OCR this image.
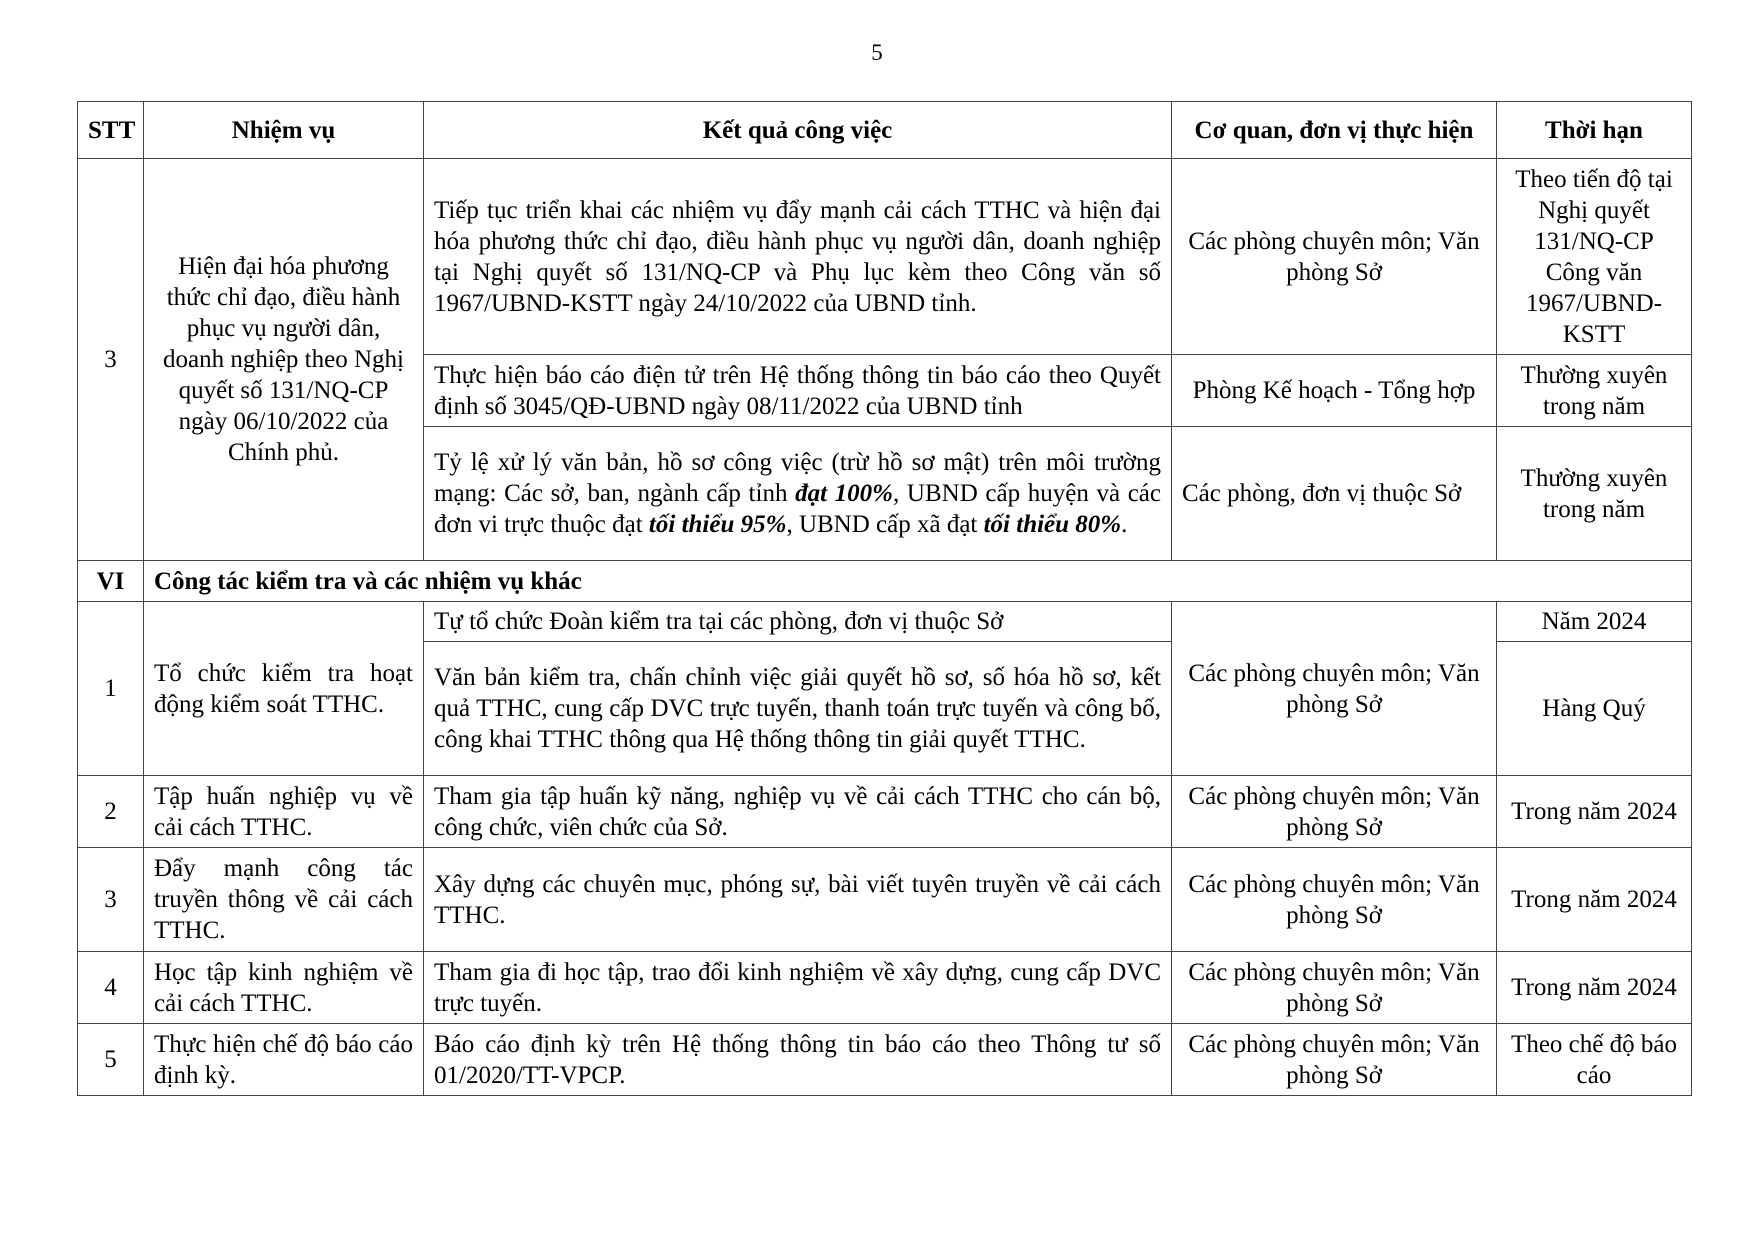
5
STT	Nhiệm vụ	Kết quả công việc	Cơ quan, đơn vị thực hiện	Thời hạn
3	Hiện đại hóa phương thức chỉ đạo, điều hành phục vụ người dân, doanh nghiệp theo Nghị quyết số 131/NQ-CP ngày 06/10/2022 của Chính phủ.	Tiếp tục triển khai các nhiệm vụ đẩy mạnh cải cách TTHC và hiện đại hóa phương thức chỉ đạo, điều hành phục vụ người dân, doanh nghiệp tại Nghị quyết số 131/NQ-CP và Phụ lục kèm theo Công văn số 1967/UBND-KSTT ngày 24/10/2022 của UBND tỉnh.	Các phòng chuyên môn; Văn phòng Sở	Theo tiến độ tại Nghị quyết 131/NQ-CP Công văn 1967/UBND-KSTT
		Thực hiện báo cáo điện tử trên Hệ thống thông tin báo cáo theo Quyết định số 3045/QĐ-UBND ngày 08/11/2022 của UBND tỉnh	Phòng Kế hoạch - Tổng hợp	Thường xuyên trong năm
		Tỷ lệ xử lý văn bản, hồ sơ công việc (trừ hồ sơ mật) trên môi trường mạng: Các sở, ban, ngành cấp tỉnh đạt 100%, UBND cấp huyện và các đơn vi trực thuộc đạt tối thiểu 95%, UBND cấp xã đạt tối thiểu 80%.	Các phòng, đơn vị thuộc Sở	Thường xuyên trong năm
VI	Công tác kiểm tra và các nhiệm vụ khác			
1	Tổ chức kiểm tra hoạt động kiểm soát TTHC.	Tự tổ chức Đoàn kiểm tra tại các phòng, đơn vị thuộc Sở	Các phòng chuyên môn; Văn phòng Sở	Năm 2024
		Văn bản kiểm tra, chấn chỉnh việc giải quyết hồ sơ, số hóa hồ sơ, kết quả TTHC, cung cấp DVC trực tuyến, thanh toán trực tuyến và công bố, công khai TTHC thông qua Hệ thống thông tin giải quyết TTHC.		Hàng Quý
2	Tập huấn nghiệp vụ về cải cách TTHC.	Tham gia tập huấn kỹ năng, nghiệp vụ về cải cách TTHC cho cán bộ, công chức, viên chức của Sở.	Các phòng chuyên môn; Văn phòng Sở	Trong năm 2024
3	Đẩy mạnh công tác truyền thông về cải cách TTHC.	Xây dựng các chuyên mục, phóng sự, bài viết tuyên truyền về cải cách TTHC.	Các phòng chuyên môn; Văn phòng Sở	Trong năm 2024
4	Học tập kinh nghiệm về cải cách TTHC.	Tham gia đi học tập, trao đổi kinh nghiệm về xây dựng, cung cấp DVC trực tuyến.	Các phòng chuyên môn; Văn phòng Sở	Trong năm 2024
5	Thực hiện chế độ báo cáo định kỳ.	Báo cáo định kỳ trên Hệ thống thông tin báo cáo theo Thông tư số 01/2020/TT-VPCP.	Các phòng chuyên môn; Văn phòng Sở	Theo chế độ báo cáo
